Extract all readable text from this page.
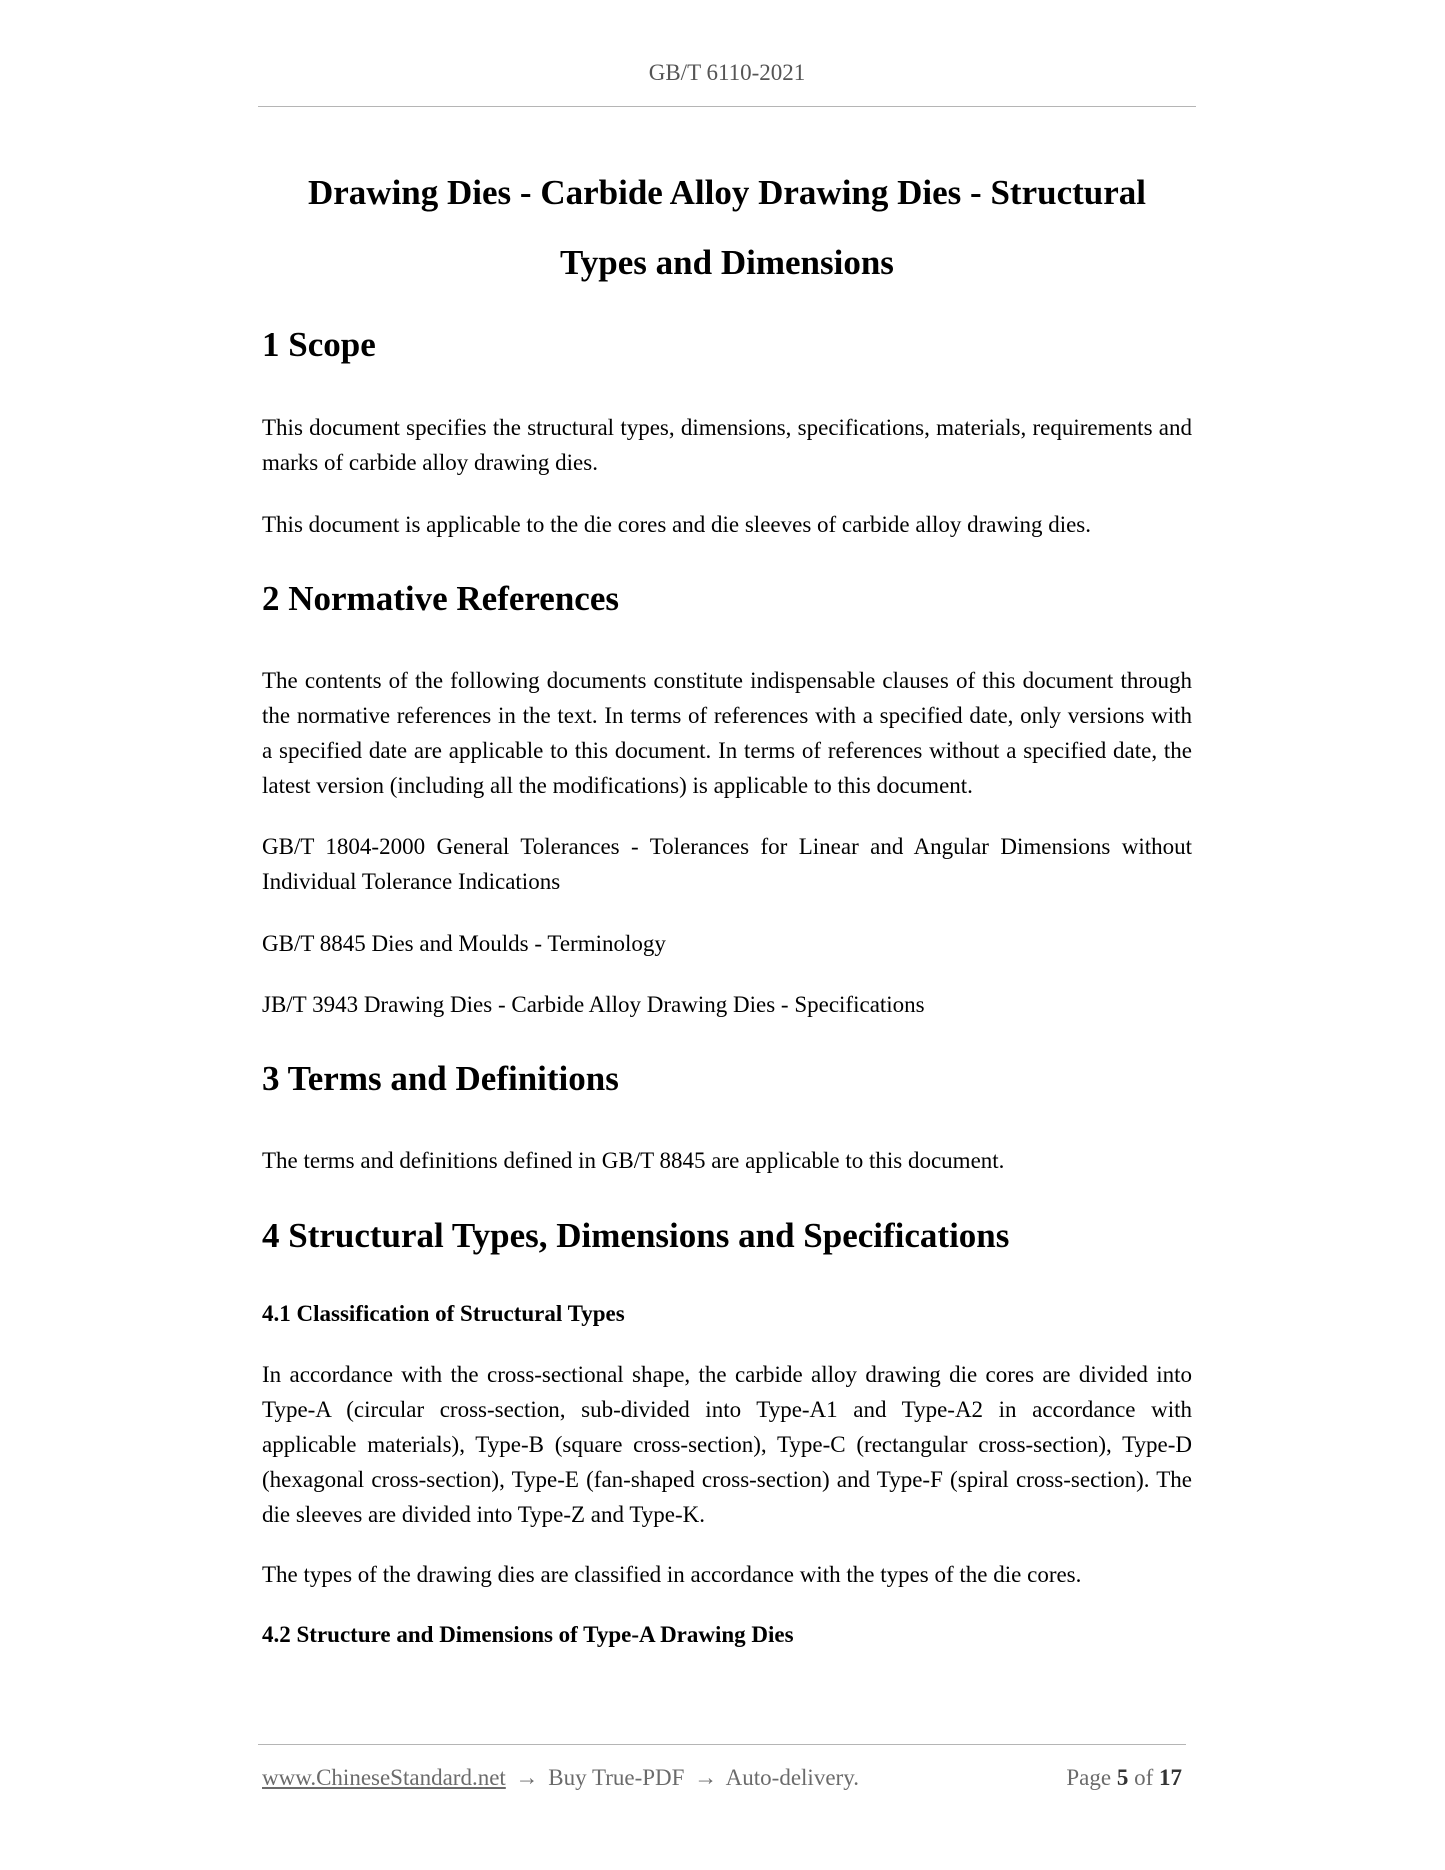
GB/T 6110-2021
Drawing Dies - Carbide Alloy Drawing Dies - Structural
Types and Dimensions
1 Scope

This document specifies the structural types, dimensions, specifications, materials, requirements and marks of carbide alloy drawing dies.

This document is applicable to the die cores and die sleeves of carbide alloy drawing dies.

2 Normative References

The contents of the following documents constitute indispensable clauses of this document through the normative references in the text. In terms of references with a specified date, only versions with a specified date are applicable to this document. In terms of references without a specified date, the latest version (including all the modifications) is applicable to this document.

GB/T 1804-2000 General Tolerances - Tolerances for Linear and Angular Dimensions without Individual Tolerance Indications

GB/T 8845 Dies and Moulds - Terminology

JB/T 3943 Drawing Dies - Carbide Alloy Drawing Dies - Specifications

3 Terms and Definitions

The terms and definitions defined in GB/T 8845 are applicable to this document.

4 Structural Types, Dimensions and Specifications
4.1 Classification of Structural Types

In accordance with the cross-sectional shape, the carbide alloy drawing die cores are divided into Type-A (circular cross-section, sub-divided into Type-A1 and Type-A2 in accordance with applicable materials), Type-B (square cross-section), Type-C (rectangular cross-section), Type-D (hexagonal cross-section), Type-E (fan-shaped cross-section) and Type-F (spiral cross-section). The die sleeves are divided into Type-Z and Type-K.

The types of the drawing dies are classified in accordance with the types of the die cores.

4.2 Structure and Dimensions of Type-A Drawing Dies
www.ChineseStandard.net → Buy True-PDF → Auto-delivery.	Page 5 of 17
